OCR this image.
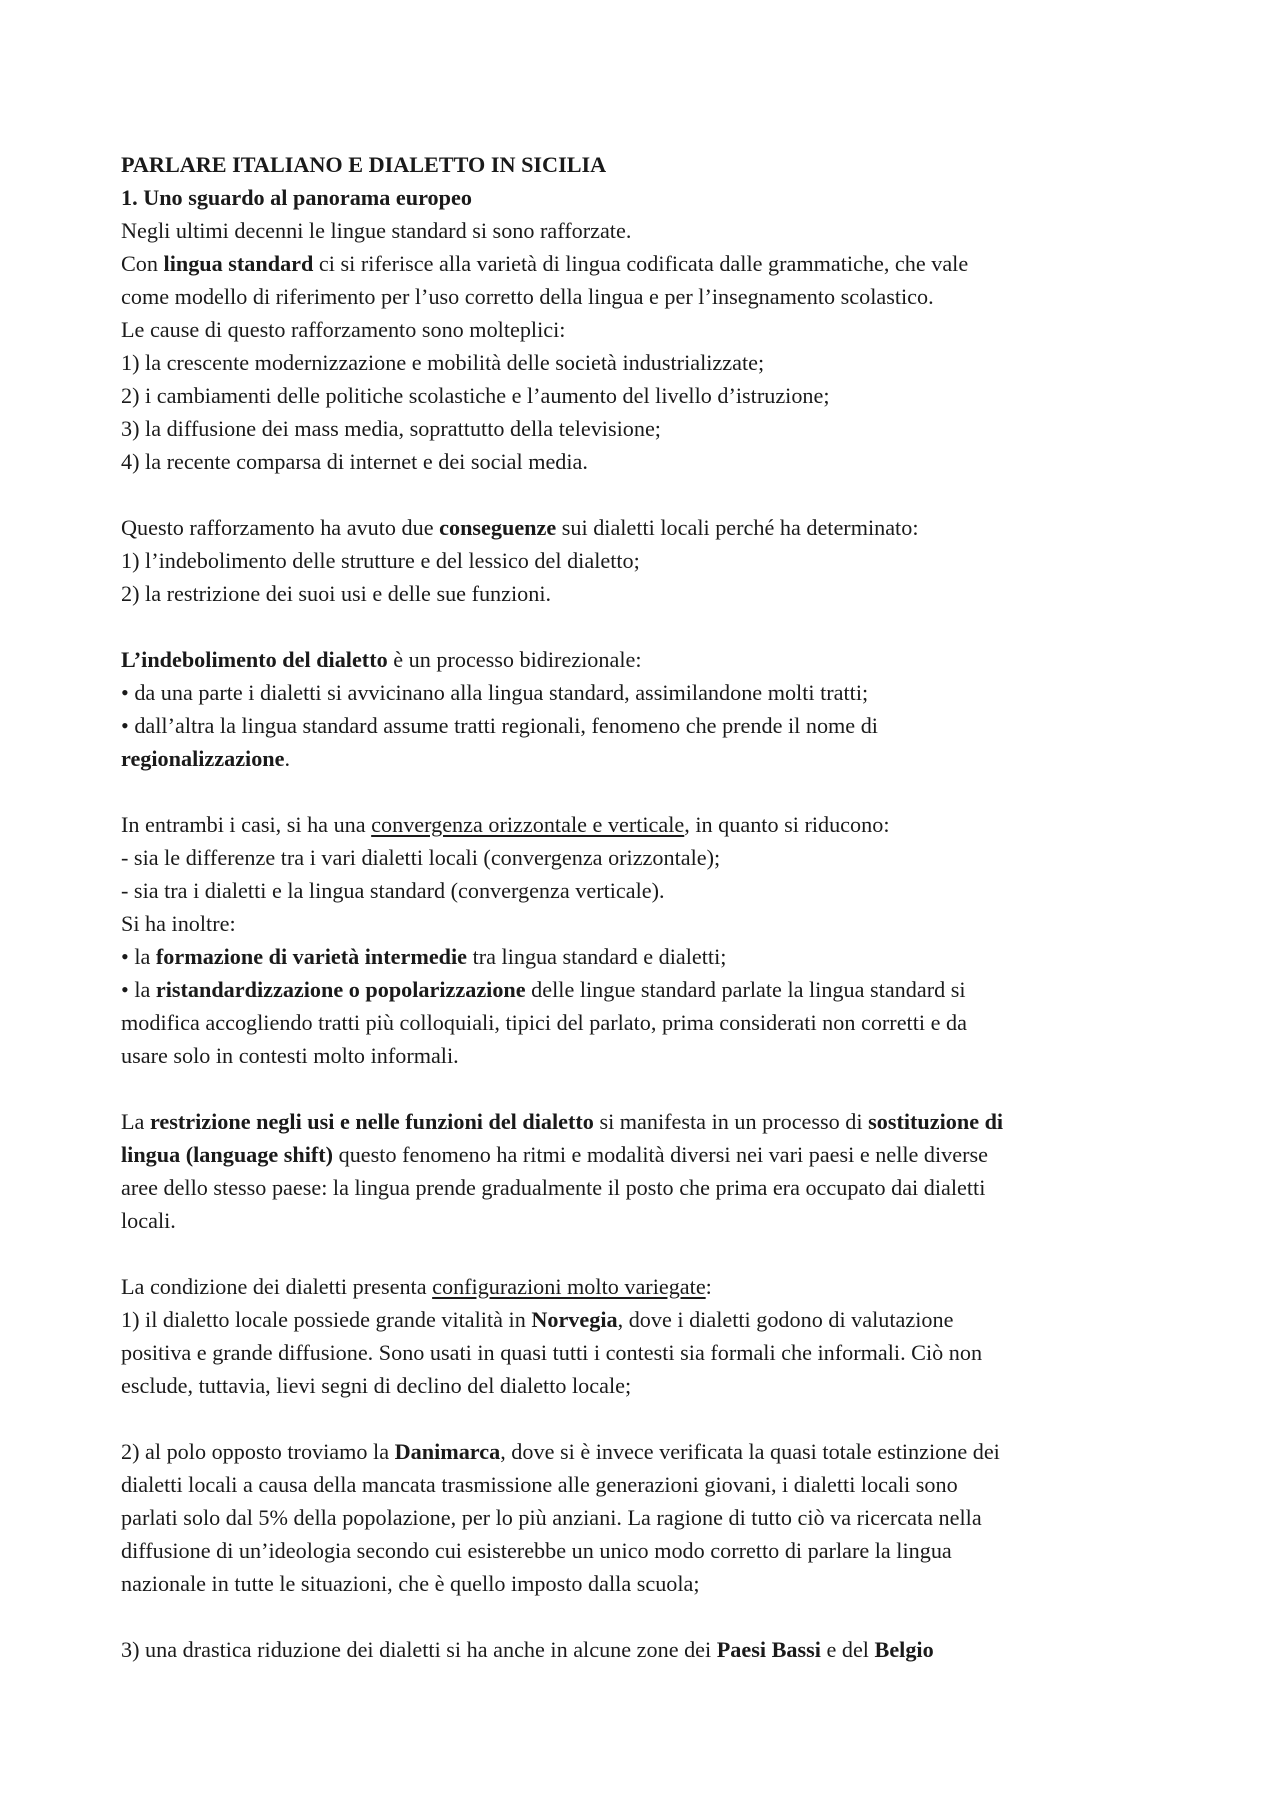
PARLARE ITALIANO E DIALETTO IN SICILIA
1. Uno sguardo al panorama europeo
Negli ultimi decenni le lingue standard si sono rafforzate.
Con lingua standard ci si riferisce alla varietà di lingua codificata dalle grammatiche, che vale
come modello di riferimento per l’uso corretto della lingua e per l’insegnamento scolastico.
Le cause di questo rafforzamento sono molteplici:
1) la crescente modernizzazione e mobilità delle società industrializzate;
2) i cambiamenti delle politiche scolastiche e l’aumento del livello d’istruzione;
3) la diffusione dei mass media, soprattutto della televisione;
4) la recente comparsa di internet e dei social media.
Questo rafforzamento ha avuto due conseguenze sui dialetti locali perché ha determinato:
1) l’indebolimento delle strutture e del lessico del dialetto;
2) la restrizione dei suoi usi e delle sue funzioni.
L’indebolimento del dialetto è un processo bidirezionale:
• da una parte i dialetti si avvicinano alla lingua standard, assimilandone molti tratti;
• dall’altra la lingua standard assume tratti regionali, fenomeno che prende il nome di
regionalizzazione.
In entrambi i casi, si ha una convergenza orizzontale e verticale, in quanto si riducono:
- sia le differenze tra i vari dialetti locali (convergenza orizzontale);
- sia tra i dialetti e la lingua standard (convergenza verticale).
Si ha inoltre:
• la formazione di varietà intermedie tra lingua standard e dialetti;
• la ristandardizzazione o popolarizzazione delle lingue standard parlate la lingua standard si
modifica accogliendo tratti più colloquiali, tipici del parlato, prima considerati non corretti e da
usare solo in contesti molto informali.
La restrizione negli usi e nelle funzioni del dialetto si manifesta in un processo di sostituzione di
lingua (language shift) questo fenomeno ha ritmi e modalità diversi nei vari paesi e nelle diverse
aree dello stesso paese: la lingua prende gradualmente il posto che prima era occupato dai dialetti
locali.
La condizione dei dialetti presenta configurazioni molto variegate:
1) il dialetto locale possiede grande vitalità in Norvegia, dove i dialetti godono di valutazione
positiva e grande diffusione. Sono usati in quasi tutti i contesti sia formali che informali. Ciò non
esclude, tuttavia, lievi segni di declino del dialetto locale;
2) al polo opposto troviamo la Danimarca, dove si è invece verificata la quasi totale estinzione dei
dialetti locali a causa della mancata trasmissione alle generazioni giovani, i dialetti locali sono
parlati solo dal 5% della popolazione, per lo più anziani. La ragione di tutto ciò va ricercata nella
diffusione di un’ideologia secondo cui esisterebbe un unico modo corretto di parlare la lingua
nazionale in tutte le situazioni, che è quello imposto dalla scuola;
3) una drastica riduzione dei dialetti si ha anche in alcune zone dei Paesi Bassi e del Belgio
